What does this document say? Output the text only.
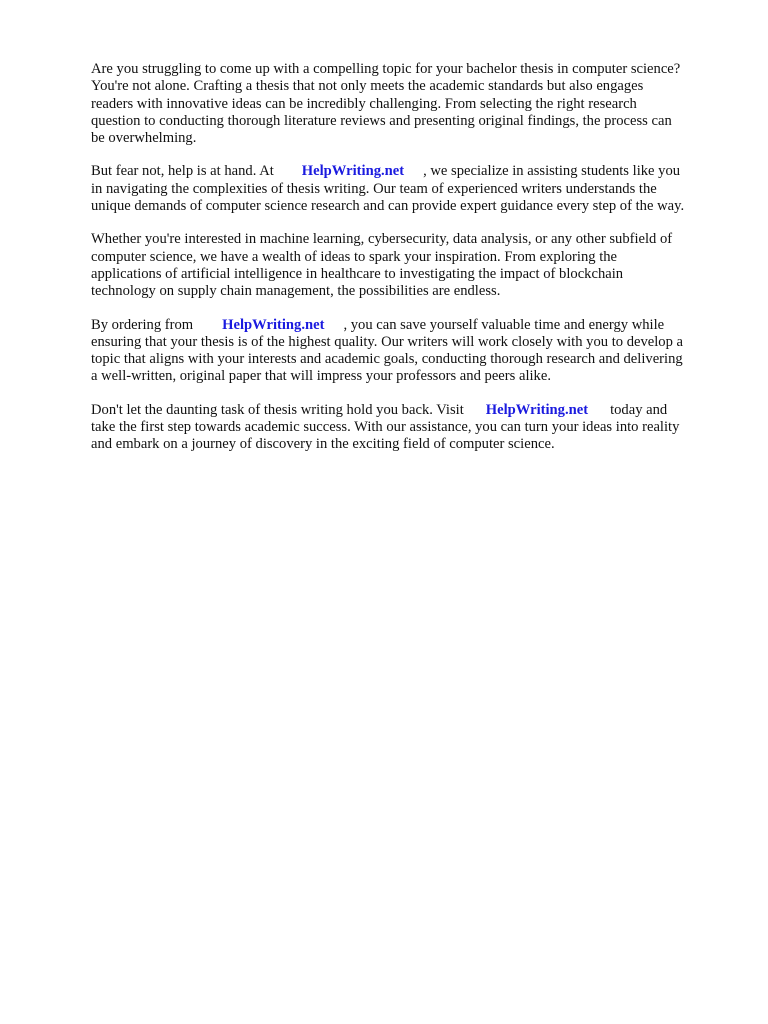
Are you struggling to come up with a compelling topic for your bachelor thesis in computer science?
You're not alone. Crafting a thesis that not only meets the academic standards but also engages
readers with innovative ideas can be incredibly challenging. From selecting the right research
question to conducting thorough literature reviews and presenting original findings, the process can
be overwhelming.

But fear not, help is at hand. At HelpWriting.net , we specialize in assisting students like you
in navigating the complexities of thesis writing. Our team of experienced writers understands the
unique demands of computer science research and can provide expert guidance every step of the way.

Whether you're interested in machine learning, cybersecurity, data analysis, or any other subfield of
computer science, we have a wealth of ideas to spark your inspiration. From exploring the
applications of artificial intelligence in healthcare to investigating the impact of blockchain
technology on supply chain management, the possibilities are endless.

By ordering from HelpWriting.net , you can save yourself valuable time and energy while
ensuring that your thesis is of the highest quality. Our writers will work closely with you to develop a
topic that aligns with your interests and academic goals, conducting thorough research and delivering
a well-written, original paper that will impress your professors and peers alike.

Don't let the daunting task of thesis writing hold you back. Visit HelpWriting.net today and
take the first step towards academic success. With our assistance, you can turn your ideas into reality
and embark on a journey of discovery in the exciting field of computer science.
